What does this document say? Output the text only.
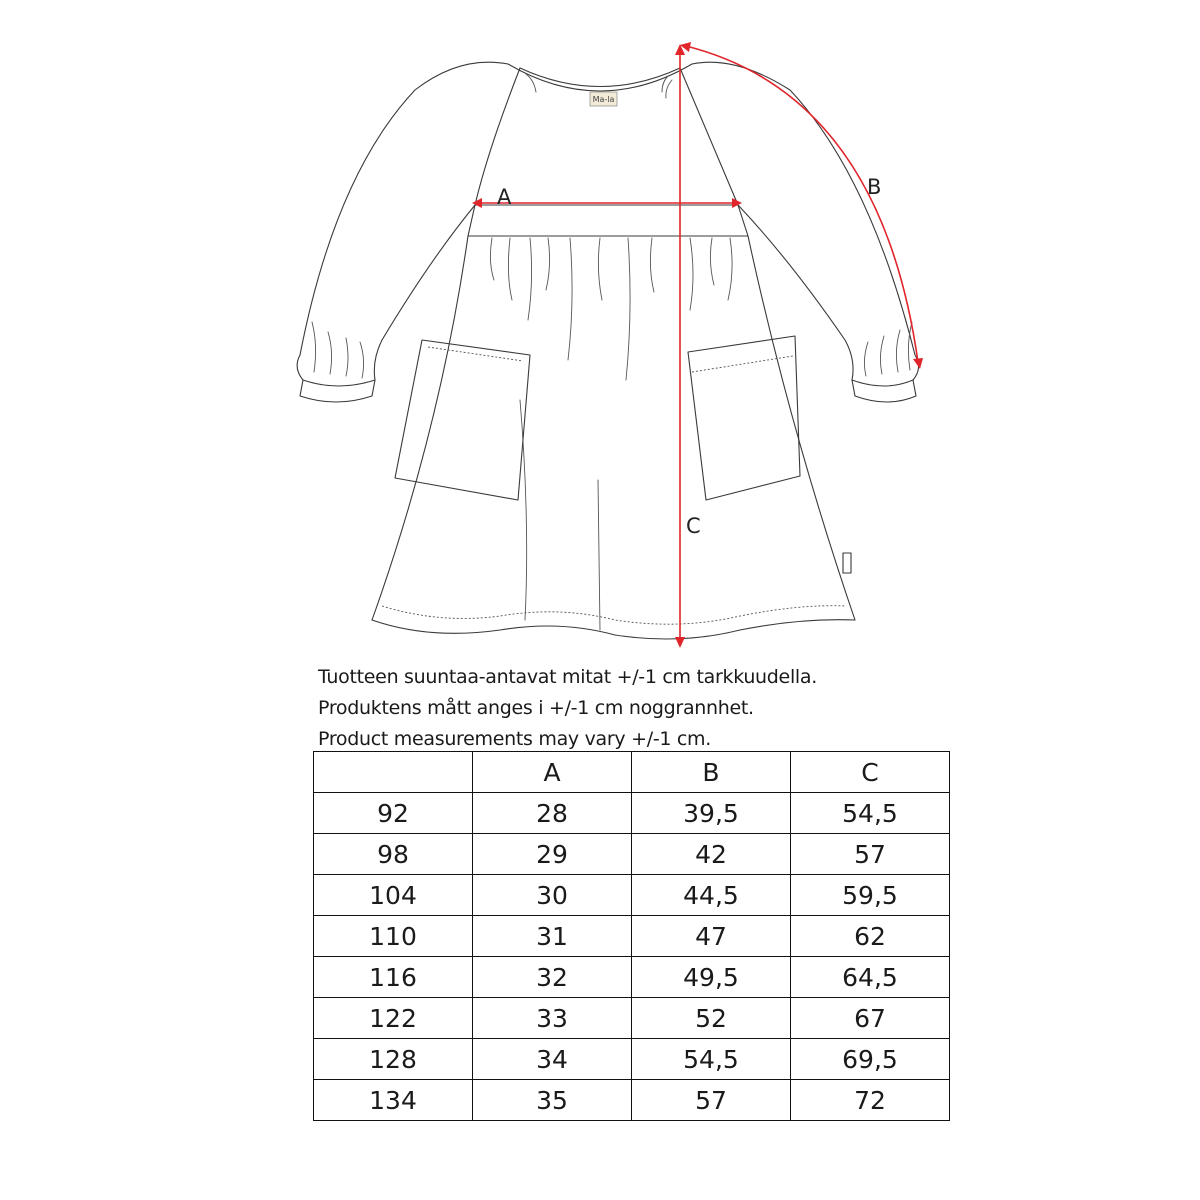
Ma-la
A	B
C
Tuotteen suuntaa-antavat mitat +/-1 cm tarkkuudella.
Produktens mått anges i +/-1 cm noggrannhet.
Product measurements may vary +/-1 cm.
	A	B	C
92	28	39,5	54,5
98	29	42	57
104	30	44,5	59,5
110	31	47	62
116	32	49,5	64,5
122	33	52	67
128	34	54,5	69,5
134	35	57	72
